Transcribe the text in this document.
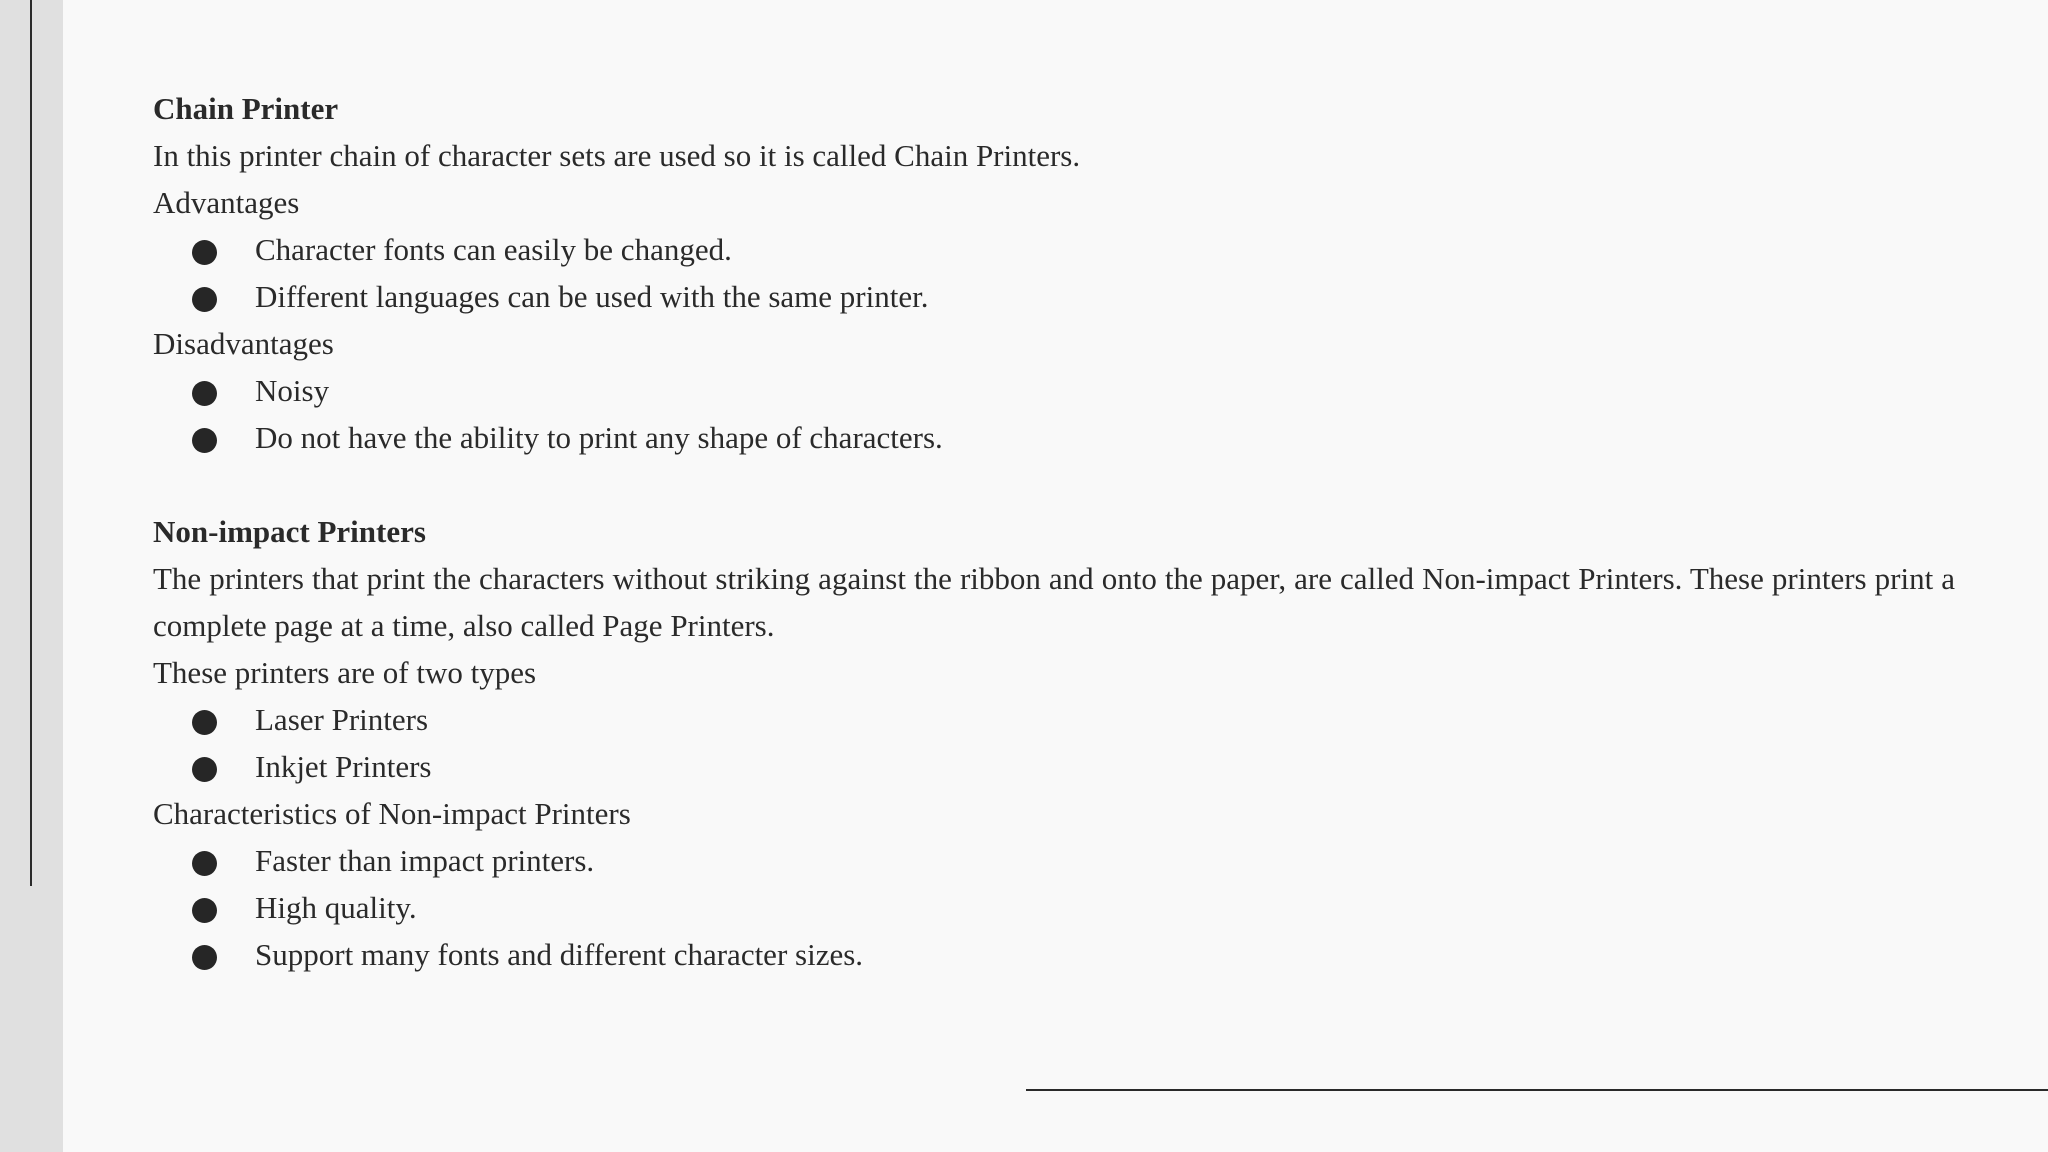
Chain Printer
In this printer chain of character sets are used so it is called Chain Printers.
Advantages
Character fonts can easily be changed.
Different languages can be used with the same printer.
Disadvantages
Noisy
Do not have the ability to print any shape of characters.
Non-impact Printers
The printers that print the characters without striking against the ribbon and onto the paper, are called Non-impact Printers. These printers print a complete page at a time, also called Page Printers.
These printers are of two types
Laser Printers
Inkjet Printers
Characteristics of Non-impact Printers
Faster than impact printers.
High quality.
Support many fonts and different character sizes.
